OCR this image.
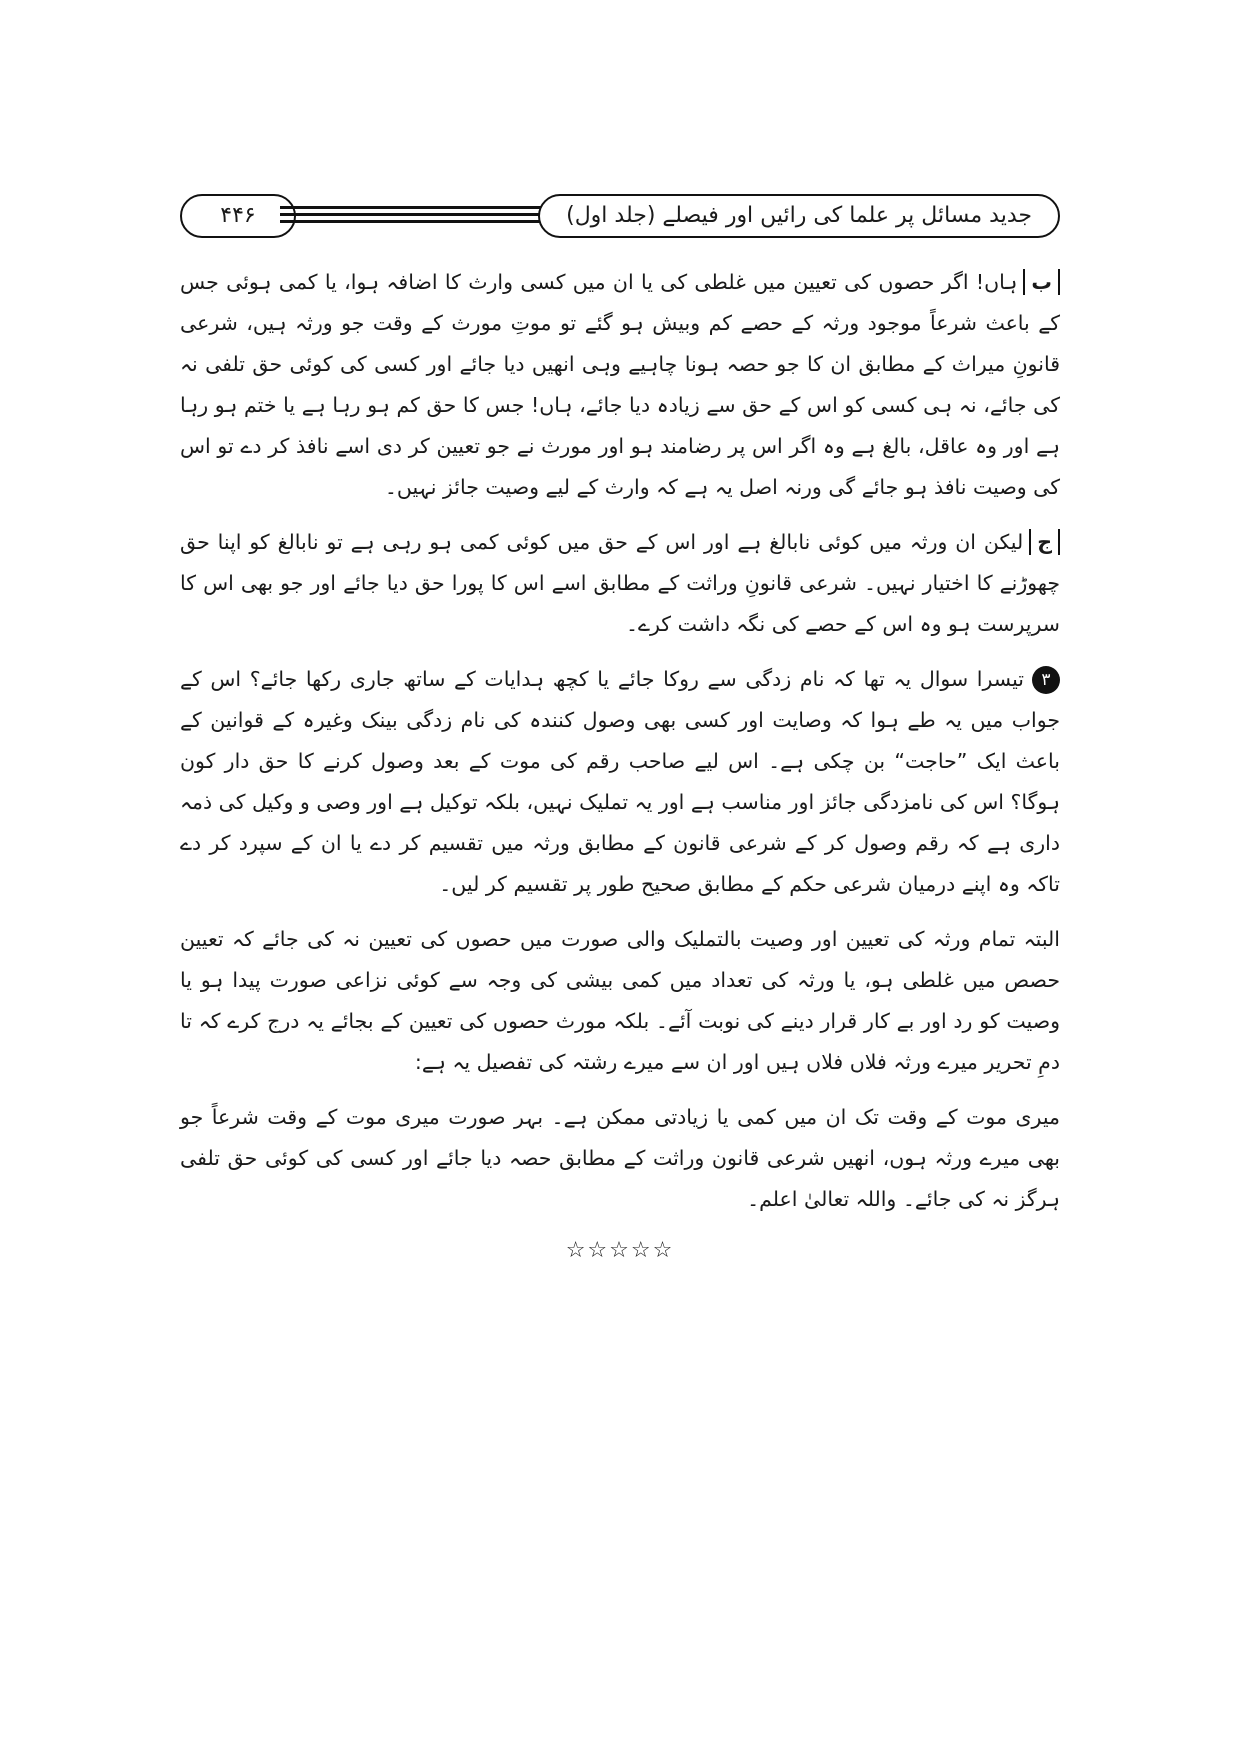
۴۴۶	جدید مسائل پر علما کی رائیں اور فیصلے (جلد اول)

بہاں! اگر حصوں کی تعیین میں غلطی کی یا ان میں کسی وارث کا اضافہ ہوا، یا کمی ہوئی جس کے باعث شرعاً موجود ورثہ کے حصے کم وبیش ہو گئے تو موتِ مورث کے وقت جو ورثہ ہیں، شرعی قانونِ میراث کے مطابق ان کا جو حصہ ہونا چاہیے وہی انھیں دیا جائے اور کسی کی کوئی حق تلفی نہ کی جائے، نہ ہی کسی کو اس کے حق سے زیادہ دیا جائے، ہاں! جس کا حق کم ہو رہا ہے یا ختم ہو رہا ہے اور وہ عاقل، بالغ ہے وہ اگر اس پر رضامند ہو اور مورث نے جو تعیین کر دی اسے نافذ کر دے تو اس کی وصیت نافذ ہو جائے گی ورنہ اصل یہ ہے کہ وارث کے لیے وصیت جائز نہیں۔

جلیکن ان ورثہ میں کوئی نابالغ ہے اور اس کے حق میں کوئی کمی ہو رہی ہے تو نابالغ کو اپنا حق چھوڑنے کا اختیار نہیں۔ شرعی قانونِ وراثت کے مطابق اسے اس کا پورا حق دیا جائے اور جو بھی اس کا سرپرست ہو وہ اس کے حصے کی نگہ داشت کرے۔

۳تیسرا سوال یہ تھا کہ نام زدگی سے روکا جائے یا کچھ ہدایات کے ساتھ جاری رکھا جائے؟ اس کے جواب میں یہ طے ہوا کہ وصایت اور کسی بھی وصول کنندہ کی نام زدگی بینک وغیرہ کے قوانین کے باعث ایک ”حاجت“ بن چکی ہے۔ اس لیے صاحب رقم کی موت کے بعد وصول کرنے کا حق دار کون ہوگا؟ اس کی نامزدگی جائز اور مناسب ہے اور یہ تملیک نہیں، بلکہ توکیل ہے اور وصی و وکیل کی ذمہ داری ہے کہ رقم وصول کر کے شرعی قانون کے مطابق ورثہ میں تقسیم کر دے یا ان کے سپرد کر دے تاکہ وہ اپنے درمیان شرعی حکم کے مطابق صحیح طور پر تقسیم کر لیں۔

البتہ تمام ورثہ کی تعیین اور وصیت بالتملیک والی صورت میں حصوں کی تعیین نہ کی جائے کہ تعیین حصص میں غلطی ہو، یا ورثہ کی تعداد میں کمی بیشی کی وجہ سے کوئی نزاعی صورت پیدا ہو یا وصیت کو رد اور بے کار قرار دینے کی نوبت آئے۔ بلکہ مورث حصوں کی تعیین کے بجائے یہ درج کرے کہ تا دمِ تحریر میرے ورثہ فلاں فلاں ہیں اور ان سے میرے رشتہ کی تفصیل یہ ہے:

میری موت کے وقت تک ان میں کمی یا زیادتی ممکن ہے۔ بہر صورت میری موت کے وقت شرعاً جو بھی میرے ورثہ ہوں، انھیں شرعی قانون وراثت کے مطابق حصہ دیا جائے اور کسی کی کوئی حق تلفی ہرگز نہ کی جائے۔ واللہ تعالیٰ اعلم۔

☆☆☆☆☆
